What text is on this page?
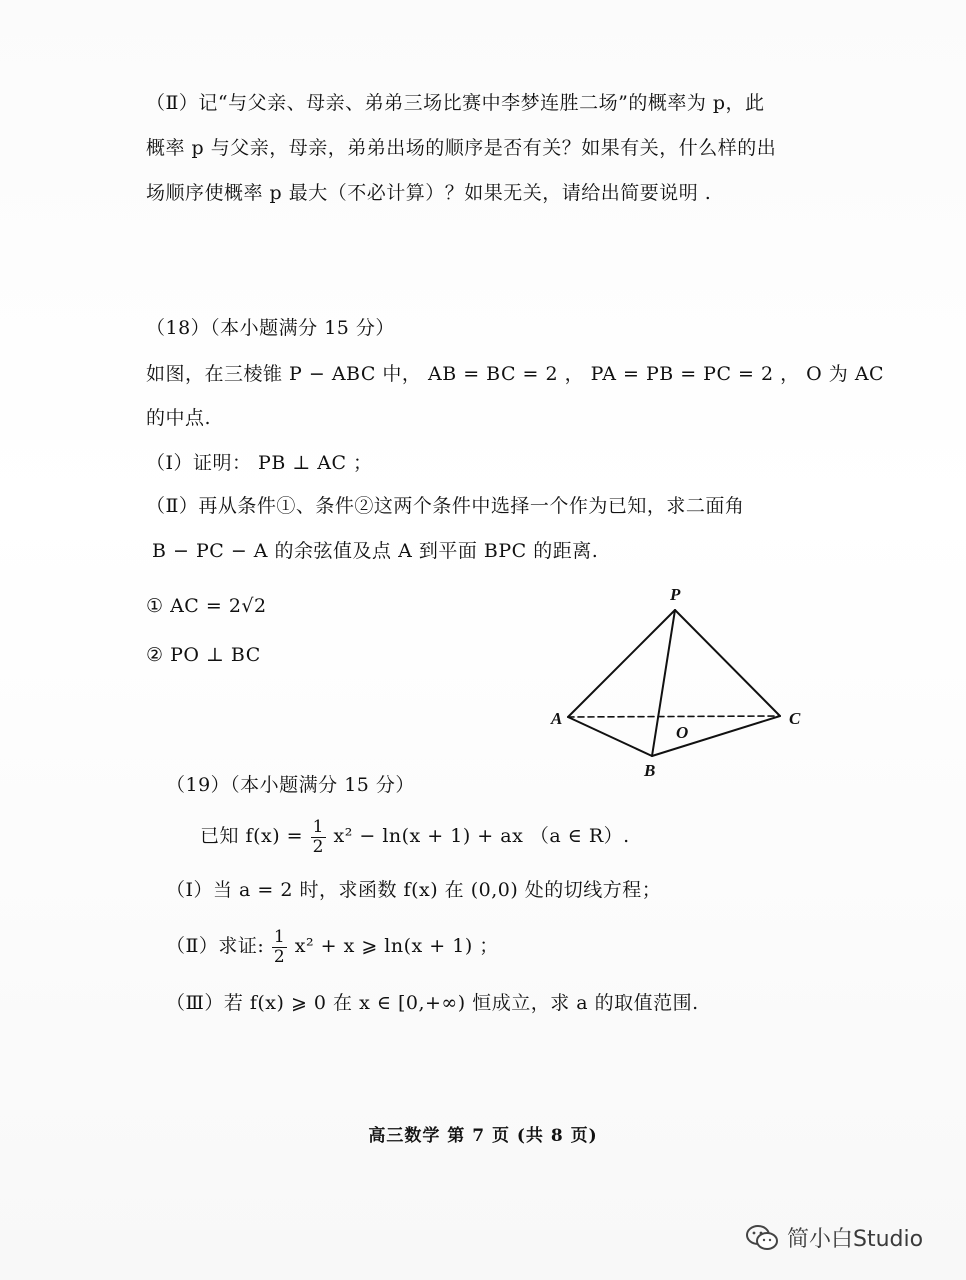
（Ⅱ）记“与父亲、母亲、弟弟三场比赛中李梦连胜二场”的概率为 p，此
概率 p 与父亲，母亲，弟弟出场的顺序是否有关？如果有关，什么样的出
场顺序使概率 p 最大（不必计算）？如果无关，请给出简要说明 .
（18）（本小题满分 15 分）
如图，在三棱锥 P − ABC 中， AB = BC = 2 ， PA = PB = PC = 2 ， O 为 AC
的中点.
（Ⅰ）证明： PB ⊥ AC ；
（Ⅱ）再从条件①、条件②这两个条件中选择一个作为已知，求二面角
B − PC − A 的余弦值及点 A 到平面 BPC 的距离.
① AC = 2√2
② PO ⊥ BC
P
A
B
C
O
（19）（本小题满分 15 分）
已知 $f(x) = \frac{1}{2} x^2 - \ln(x + 1)$ + ax （a ∈ R）.
（Ⅰ）当 a = 2 时，求函数 f(x) 在 (0,0) 处的切线方程；
（Ⅱ）求证: $\frac{1}{2} x^2 + x$ ⩾ ln(x + 1) ；
（Ⅲ）若 f(x) ⩾ 0 在 x ∈ [0,+∞) 恒成立，求 a 的取值范围.
高三数学 第 7 页 (共 8 页)
简小白Studio
